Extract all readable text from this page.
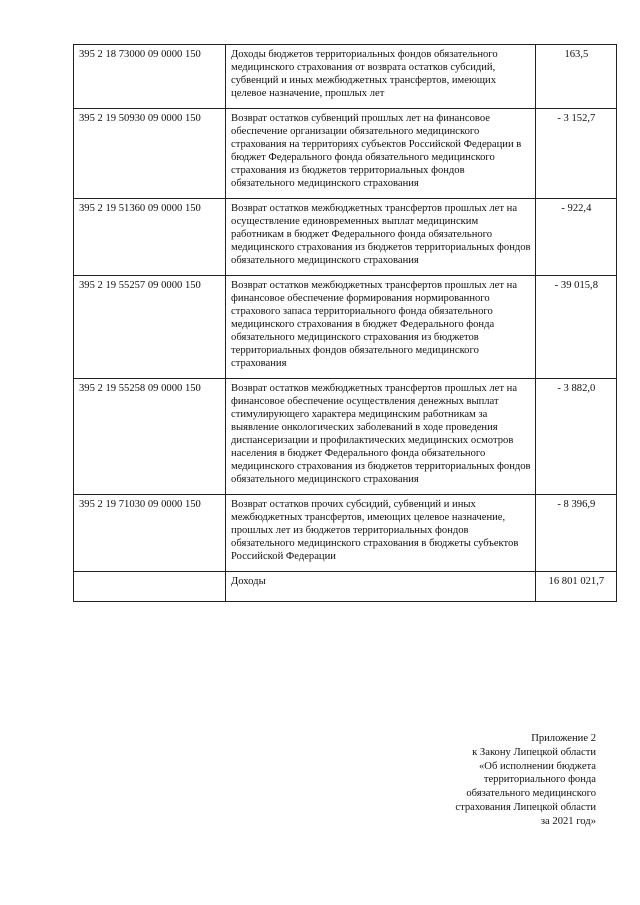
395 2 18 73000 09 0000 150	Доходы бюджетов территориальных фондов обязательного медицинского страхования от возврата остатков субсидий, субвенций и иных межбюджетных трансфертов, имеющих целевое назначение, прошлых лет	163,5
395 2 19 50930 09 0000 150	Возврат остатков субвенций прошлых лет на финансовое обеспечение организации обязательного медицинского страхования на территориях субъектов Российской Федерации в бюджет Федерального фонда обязательного медицинского страхования из бюджетов территориальных фондов обязательного медицинского страхования	- 3 152,7
395 2 19 51360 09 0000 150	Возврат остатков межбюджетных трансфертов прошлых лет на осуществление единовременных выплат медицинским работникам в бюджет Федерального фонда обязательного медицинского страхования из бюджетов территориальных фондов обязательного медицинского страхования	- 922,4
395 2 19 55257 09 0000 150	Возврат остатков межбюджетных трансфертов прошлых лет на финансовое обеспечение формирования нормированного страхового запаса территориального фонда обязательного медицинского страхования в бюджет Федерального фонда обязательного медицинского страхования из бюджетов территориальных фондов обязательного медицинского страхования	- 39 015,8
395 2 19 55258 09 0000 150	Возврат остатков межбюджетных трансфертов прошлых лет на финансовое обеспечение осуществления денежных выплат стимулирующего характера медицинским работникам за выявление онкологических заболеваний в ходе проведения диспансеризации и профилактических медицинских осмотров населения в бюджет Федерального фонда обязательного медицинского страхования из бюджетов территориальных фондов обязательного медицинского страхования	- 3 882,0
395 2 19 71030 09 0000 150	Возврат остатков прочих субсидий, субвенций и иных межбюджетных трансфертов, имеющих целевое назначение, прошлых лет из бюджетов территориальных фондов обязательного медицинского страхования в бюджеты субъектов Российской Федерации	- 8 396,9
	Доходы	16 801 021,7
Приложение 2
к Закону Липецкой области
«Об исполнении бюджета
территориального фонда
обязательного медицинского
страхования Липецкой области
за 2021 год»
